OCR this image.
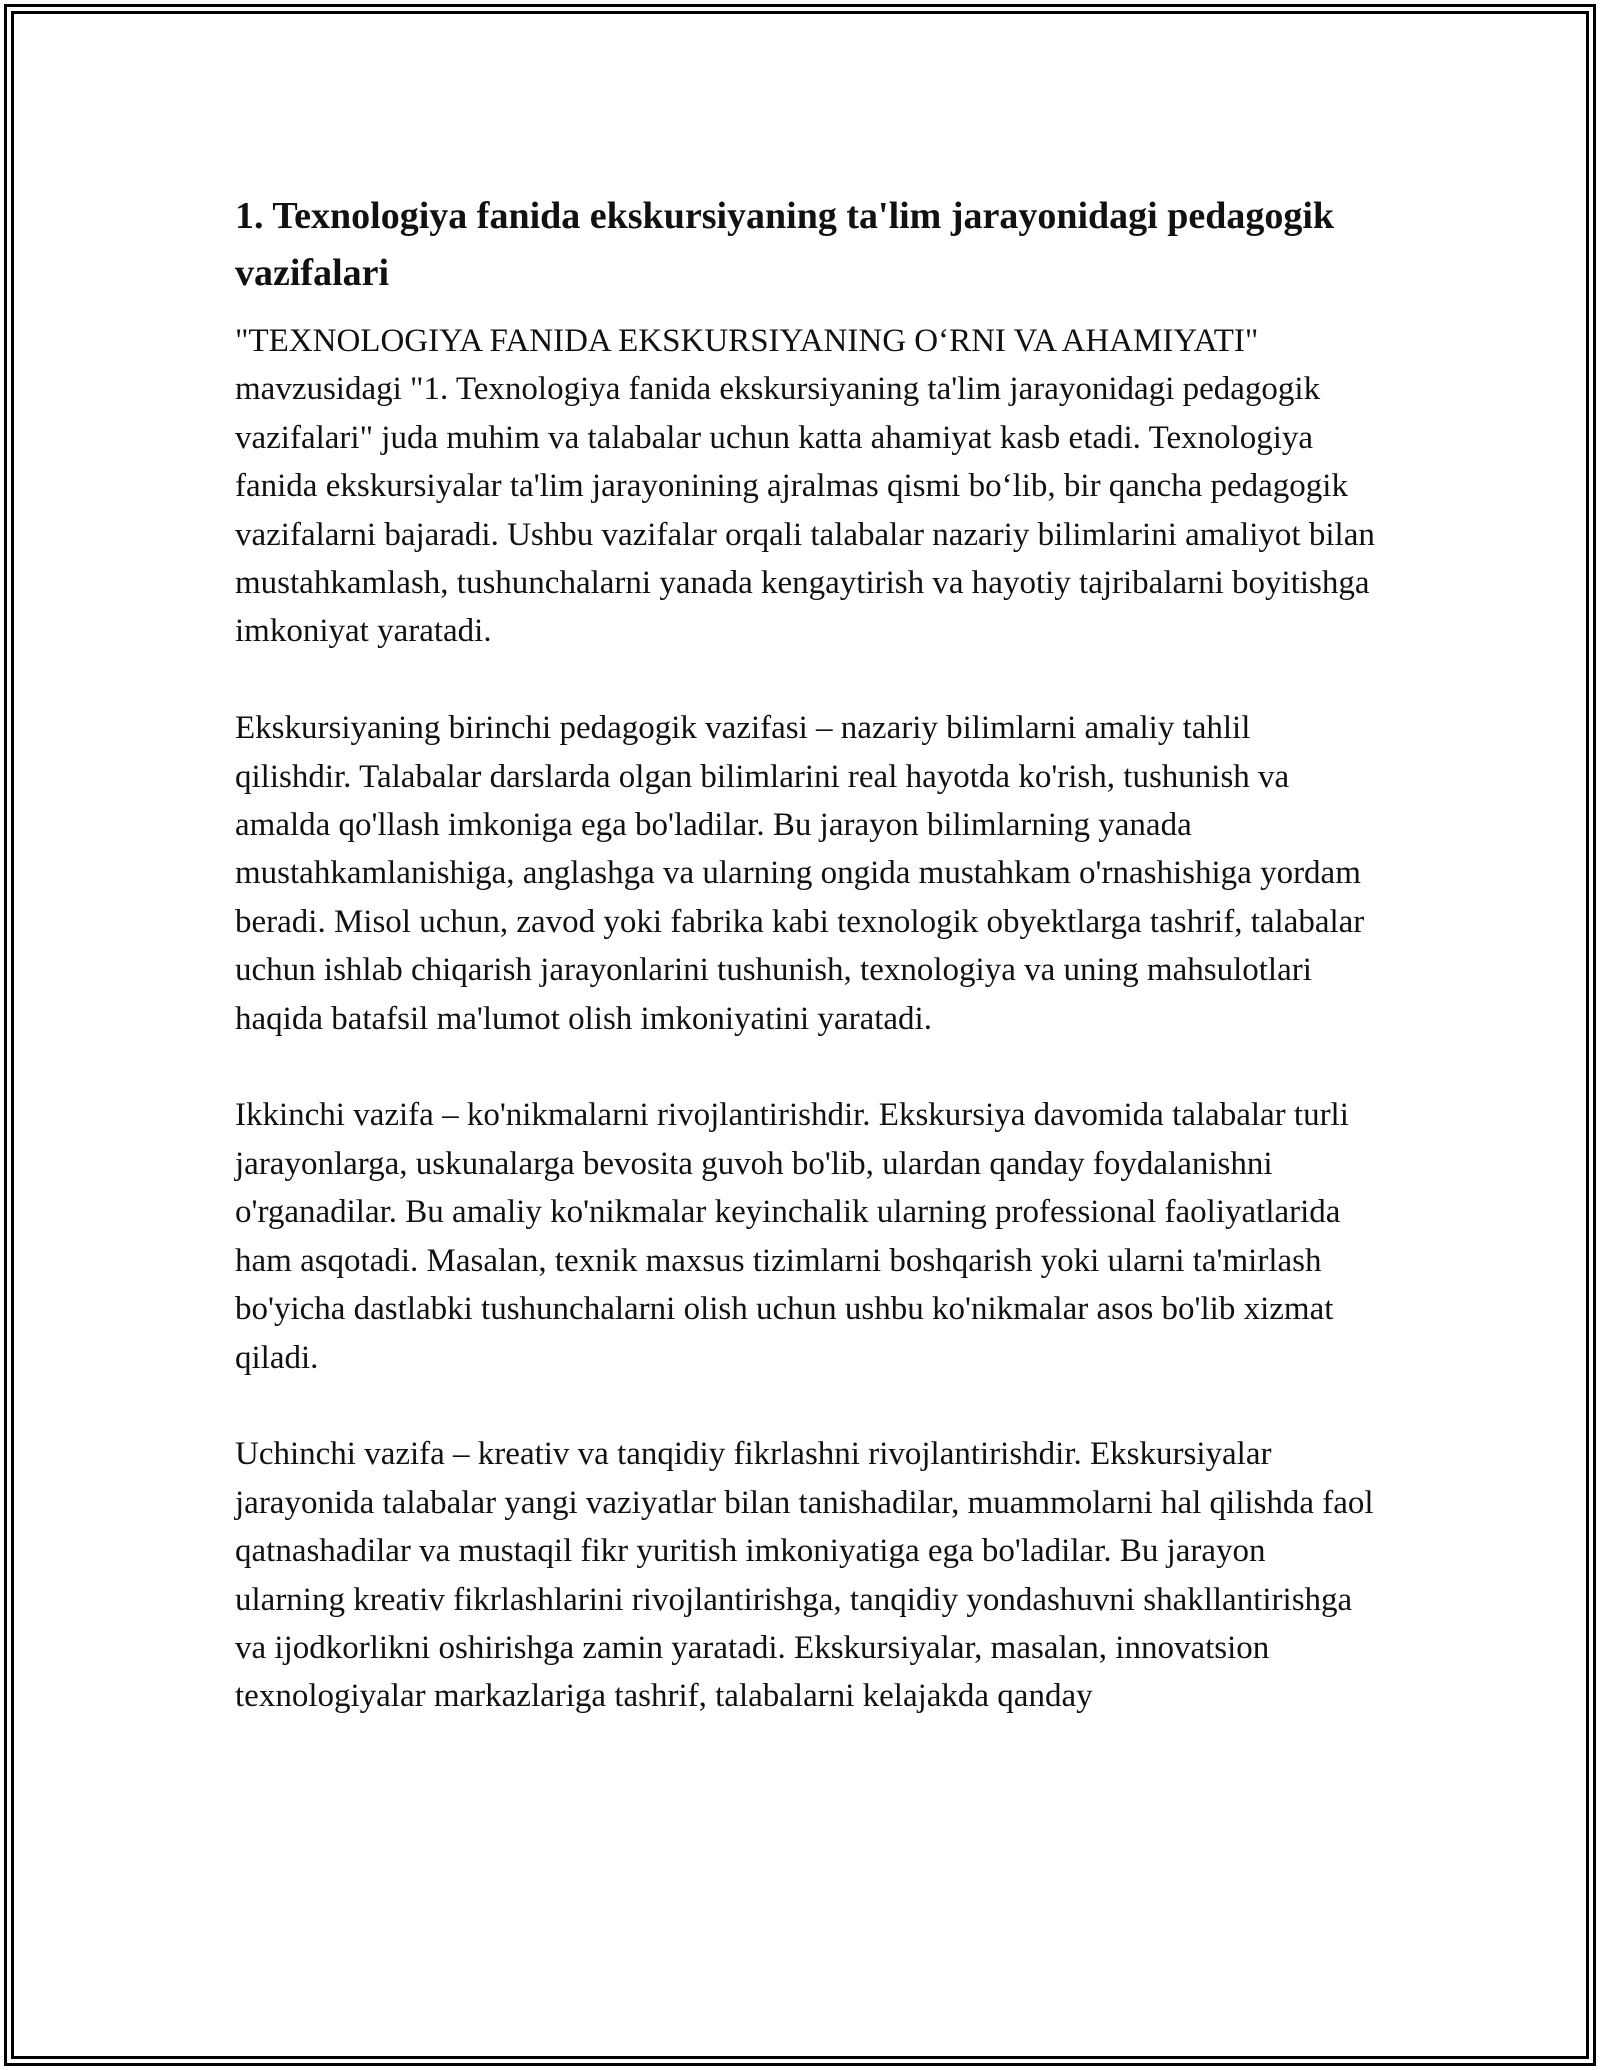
1. Texnologiya fanida ekskursiyaning ta'lim jarayonidagi pedagogik vazifalari

"TEXNOLOGIYA FANIDA EKSKURSIYANING O‘RNI VA AHAMIYATI" mavzusidagi "1. Texnologiya fanida ekskursiyaning ta'lim jarayonidagi pedagogik vazifalari" juda muhim va talabalar uchun katta ahamiyat kasb etadi. Texnologiya fanida ekskursiyalar ta'lim jarayonining ajralmas qismi bo‘lib, bir qancha pedagogik vazifalarni bajaradi. Ushbu vazifalar orqali talabalar nazariy bilimlarini amaliyot bilan mustahkamlash, tushunchalarni yanada kengaytirish va hayotiy tajribalarni boyitishga imkoniyat yaratadi.

Ekskursiyaning birinchi pedagogik vazifasi – nazariy bilimlarni amaliy tahlil qilishdir. Talabalar darslarda olgan bilimlarini real hayotda ko'rish, tushunish va amalda qo'llash imkoniga ega bo'ladilar. Bu jarayon bilimlarning yanada mustahkamlanishiga, anglashga va ularning ongida mustahkam o'rnashishiga yordam beradi. Misol uchun, zavod yoki fabrika kabi texnologik obyektlarga tashrif, talabalar uchun ishlab chiqarish jarayonlarini tushunish, texnologiya va uning mahsulotlari haqida batafsil ma'lumot olish imkoniyatini yaratadi.

Ikkinchi vazifa – ko'nikmalarni rivojlantirishdir. Ekskursiya davomida talabalar turli jarayonlarga, uskunalarga bevosita guvoh bo'lib, ulardan qanday foydalanishni o'rganadilar. Bu amaliy ko'nikmalar keyinchalik ularning professional faoliyatlarida ham asqotadi. Masalan, texnik maxsus tizimlarni boshqarish yoki ularni ta'mirlash bo'yicha dastlabki tushunchalarni olish uchun ushbu ko'nikmalar asos bo'lib xizmat qiladi.

Uchinchi vazifa – kreativ va tanqidiy fikrlashni rivojlantirishdir. Ekskursiyalar jarayonida talabalar yangi vaziyatlar bilan tanishadilar, muammolarni hal qilishda faol qatnashadilar va mustaqil fikr yuritish imkoniyatiga ega bo'ladilar. Bu jarayon ularning kreativ fikrlashlarini rivojlantirishga, tanqidiy yondashuvni shakllantirishga va ijodkorlikni oshirishga zamin yaratadi. Ekskursiyalar, masalan, innovatsion texnologiyalar markazlariga tashrif, talabalarni kelajakda qanday
